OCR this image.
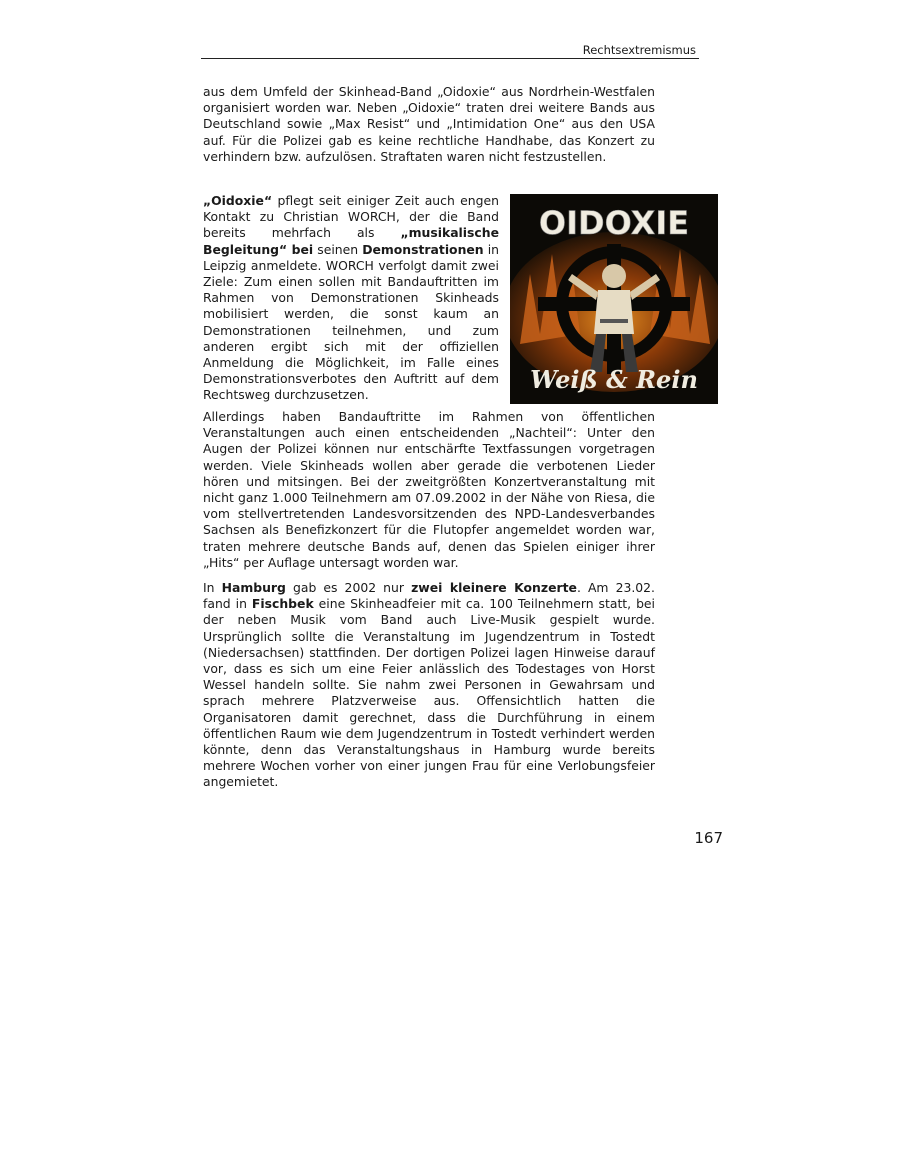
Rechtsextremismus

aus dem Umfeld der Skinhead-Band „Oidoxie“ aus Nordrhein-Westfalen organisiert worden war. Neben „Oidoxie“ traten drei weitere Bands aus Deutschland sowie „Max Resist“ und „Intimidation One“ aus den USA auf. Für die Polizei gab es keine rechtliche Handhabe, das Konzert zu verhindern bzw. aufzulösen. Straftaten waren nicht festzustellen.

„Oidoxie“ pflegt seit einiger Zeit auch engen Kontakt zu Christian WORCH, der die Band bereits mehrfach als „musikalische Begleitung“ bei seinen Demonstrationen in Leipzig anmeldete. WORCH verfolgt damit zwei Ziele: Zum einen sollen mit Bandauftritten im Rahmen von Demonstrationen Skinheads mobilisiert werden, die sonst kaum an Demonstrationen teilnehmen, und zum anderen ergibt sich mit der offiziellen Anmeldung die Möglichkeit, im Falle eines Demonstrationsverbotes den Auftritt auf dem Rechtsweg durchzusetzen.

OIDOXIE
Weiß & Rein

Allerdings haben Bandauftritte im Rahmen von öffentlichen Veranstaltungen auch einen entscheidenden „Nachteil“: Unter den Augen der Polizei können nur entschärfte Textfassungen vorgetragen werden. Viele Skinheads wollen aber gerade die verbotenen Lieder hören und mitsingen. Bei der zweitgrößten Konzertveranstaltung mit nicht ganz 1.000 Teilnehmern am 07.09.2002 in der Nähe von Riesa, die vom stellvertretenden Landesvorsitzenden des NPD-Landesverbandes Sachsen als Benefizkonzert für die Flutopfer angemeldet worden war, traten mehrere deutsche Bands auf, denen das Spielen einiger ihrer „Hits“ per Auflage untersagt worden war.

In Hamburg gab es 2002 nur zwei kleinere Konzerte. Am 23.02. fand in Fischbek eine Skinheadfeier mit ca. 100 Teilnehmern statt, bei der neben Musik vom Band auch Live-Musik gespielt wurde. Ursprünglich sollte die Veranstaltung im Jugendzentrum in Tostedt (Niedersachsen) stattfinden. Der dortigen Polizei lagen Hinweise darauf vor, dass es sich um eine Feier anlässlich des Todestages von Horst Wessel handeln sollte. Sie nahm zwei Personen in Gewahrsam und sprach mehrere Platzverweise aus. Offensichtlich hatten die Organisatoren damit gerechnet, dass die Durchführung in einem öffentlichen Raum wie dem Jugendzentrum in Tostedt verhindert werden könnte, denn das Veranstaltungshaus in Hamburg wurde bereits mehrere Wochen vorher von einer jungen Frau für eine Verlobungsfeier angemietet.

167
